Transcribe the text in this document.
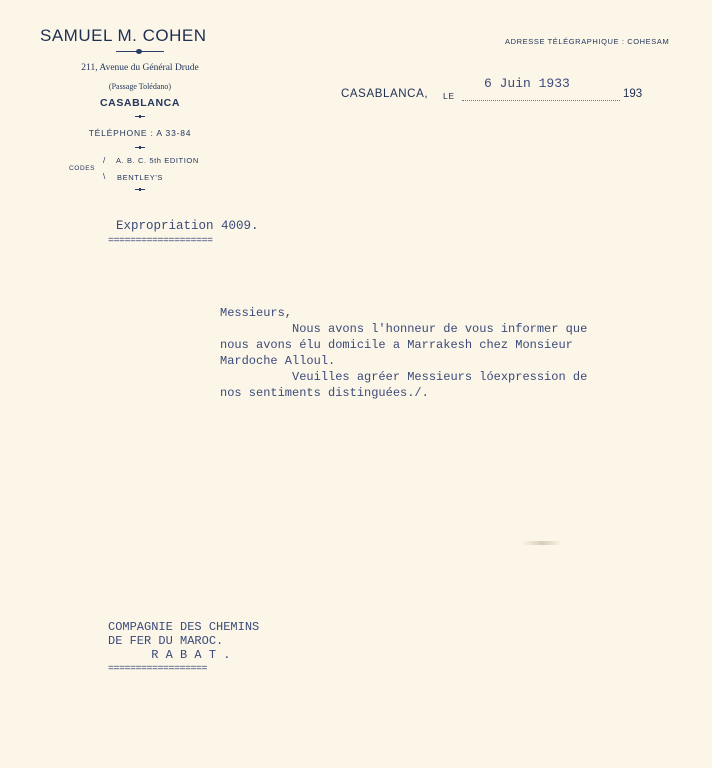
SAMUEL M. COHEN
211, Avenue du Général Drude
(Passage Tolédano)
CASABLANCA
TÉLÉPHONE : A 33-84
CODES
/
\
A. B. C. 5th EDITION
BENTLEY'S
ADRESSE TÉLÉGRAPHIQUE : COHESAM
CASABLANCA, LE
6 Juin 1933
193
Expropriation 4009.
===================
Messieurs,
Nous avons l'honneur de vous informer que
nous avons élu domicile a Marrakesh chez Monsieur
Mardoche Alloul.
Veuilles agréer Messieurs lóexpression de
nos sentiments distinguées./.
COMPAGNIE DES CHEMINS
DE FER DU MAROC.
R A B A T .
==================
